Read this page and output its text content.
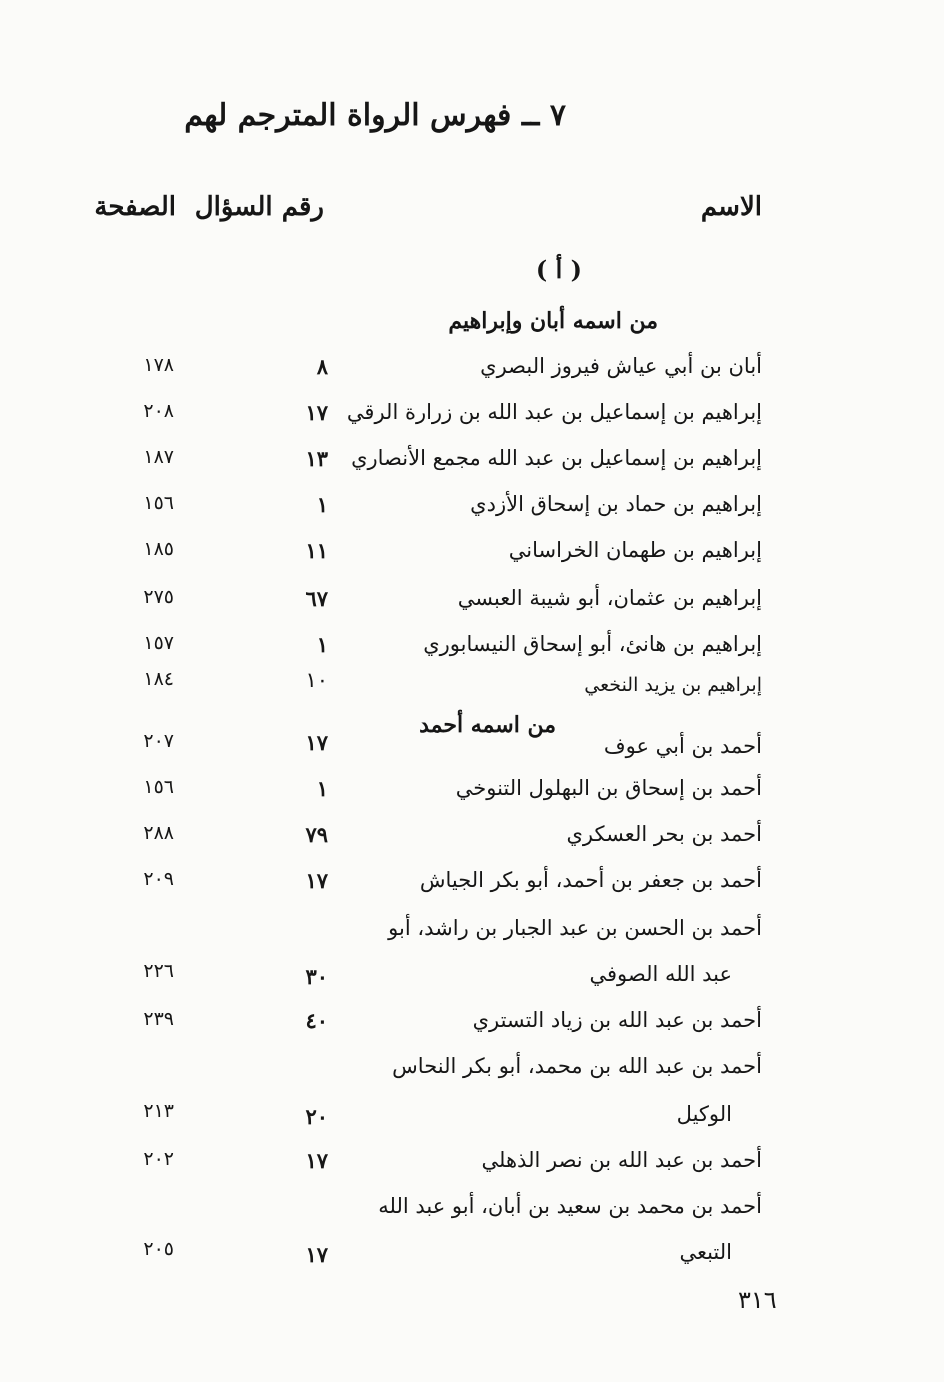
٧ ــ فهرس الرواة المترجم لهم
الاسم
رقم السؤال
الصفحة
( أ )
من اسمه أبان وإبراهيم
أبان بن أبي عياش فيروز البصري
٨
١٧٨
إبراهيم بن إسماعيل بن عبد الله بن زرارة الرقي
١٧
٢٠٨
إبراهيم بن إسماعيل بن عبد الله مجمع الأنصاري
١٣
١٨٧
إبراهيم بن حماد بن إسحاق الأزدي
١
١٥٦
إبراهيم بن طهمان الخراساني
١١
١٨٥
إبراهيم بن عثمان، أبو شيبة العبسي
٦٧
٢٧٥
إبراهيم بن هانئ، أبو إسحاق النيسابوري
١
١٥٧
إبراهيم بن يزيد النخعي
١٠
١٨٤
من اسمه أحمد
أحمد بن أبي عوف
١٧
٢٠٧
أحمد بن إسحاق بن البهلول التنوخي
١
١٥٦
أحمد بن بحر العسكري
٧٩
٢٨٨
أحمد بن جعفر بن أحمد، أبو بكر الجياش
١٧
٢٠٩
أحمد بن الحسن بن عبد الجبار بن راشد، أبو
عبد الله الصوفي
٣٠
٢٢٦
أحمد بن عبد الله بن زياد التستري
٤٠
٢٣٩
أحمد بن عبد الله بن محمد، أبو بكر النحاس
الوكيل
٢٠
٢١٣
أحمد بن عبد الله بن نصر الذهلي
١٧
٢٠٢
أحمد بن محمد بن سعيد بن أبان، أبو عبد الله
التبعي
١٧
٢٠٥
٣١٦
